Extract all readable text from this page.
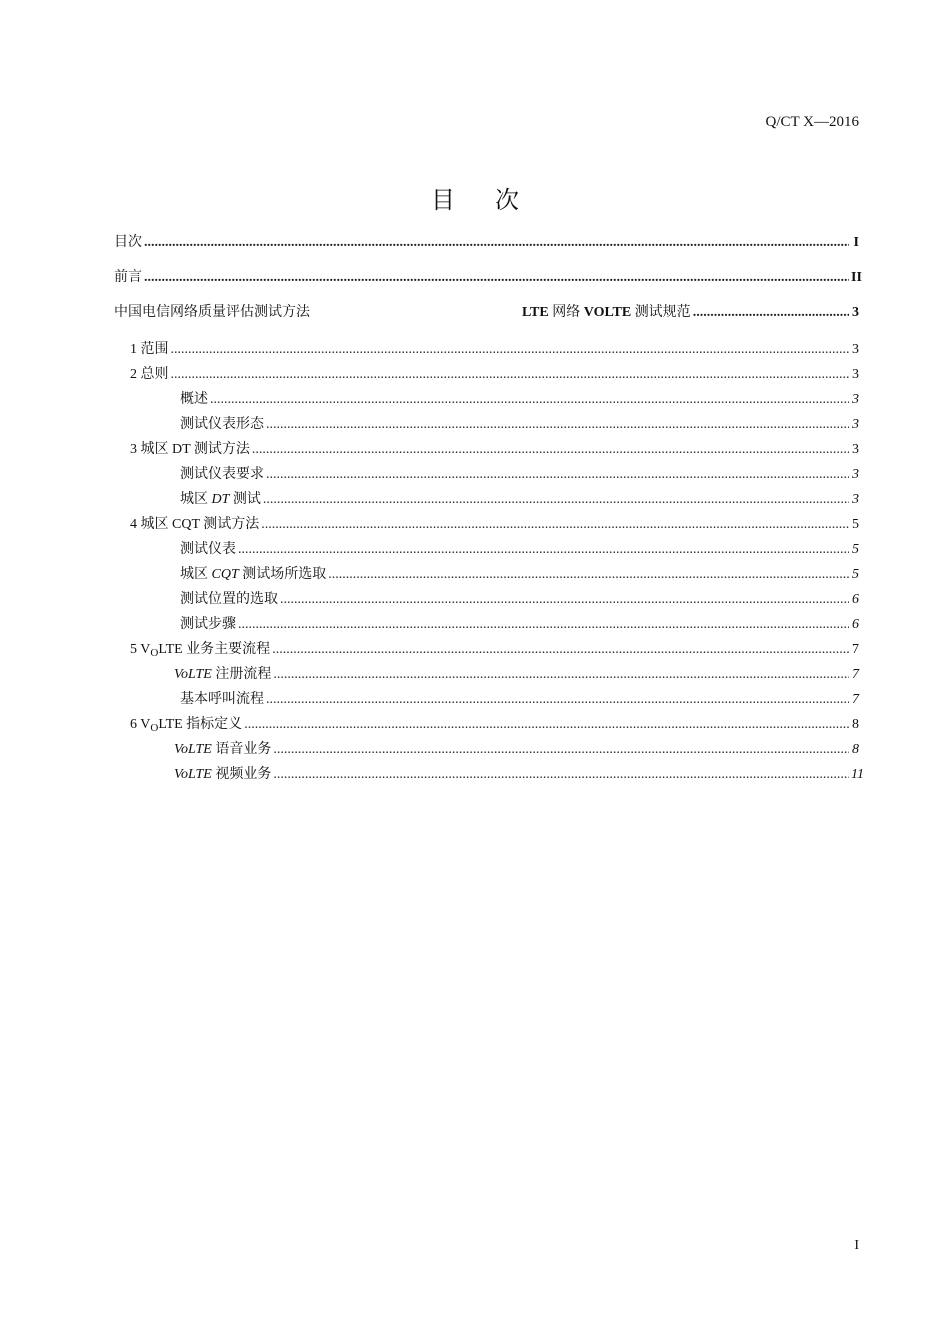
Q/CT X—2016
目 次
目次 .....	I
前言 .....	II
中国电信网络质量评估测试方法	LTE 网络 VOLTE 测试规范 .....	3
1 范围 .....	3
2 总则 .....	3
概述 .....	3
测试仪表形态 .....	3
3 城区 DT 测试方法 .....	3
测试仪表要求 .....	3
城区 DT 测试 .....	3
4 城区 CQT 测试方法 .....	5
测试仪表 .....	5
城区 CQT 测试场所选取 .....	5
测试位置的选取 .....	6
测试步骤 .....	6
5 $V_OLTE$ 业务主要流程 .....	7
VoLTE 注册流程 .....	7
基本呼叫流程 .....	7
6 $V_OLTE$ 指标定义 .....	8
VoLTE 语音业务 .....	8
VoLTE 视频业务 .....	11
I
